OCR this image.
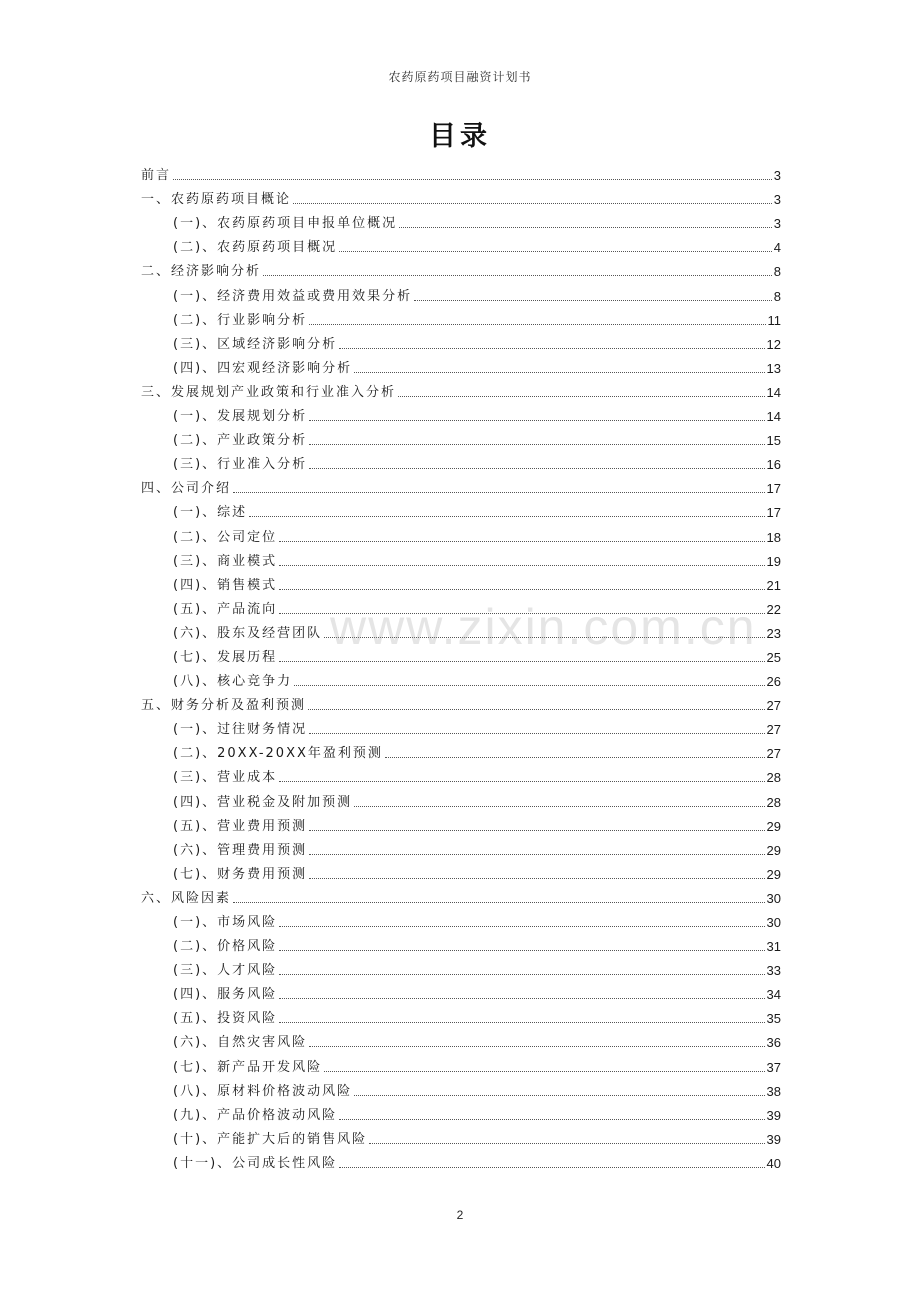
农药原药项目融资计划书
目录
前言	3
一、农药原药项目概论	3
(一)、农药原药项目申报单位概况	3
(二)、农药原药项目概况	4
二、经济影响分析	8
(一)、经济费用效益或费用效果分析	8
(二)、行业影响分析	11
(三)、区域经济影响分析	12
(四)、四宏观经济影响分析	13
三、发展规划产业政策和行业准入分析	14
(一)、发展规划分析	14
(二)、产业政策分析	15
(三)、行业准入分析	16
四、公司介绍	17
(一)、综述	17
(二)、公司定位	18
(三)、商业模式	19
(四)、销售模式	21
(五)、产品流向	22
(六)、股东及经营团队	23
(七)、发展历程	25
(八)、核心竞争力	26
五、财务分析及盈利预测	27
(一)、过往财务情况	27
(二)、20XX-20XX年盈利预测	27
(三)、营业成本	28
(四)、营业税金及附加预测	28
(五)、营业费用预测	29
(六)、管理费用预测	29
(七)、财务费用预测	29
六、风险因素	30
(一)、市场风险	30
(二)、价格风险	31
(三)、人才风险	33
(四)、服务风险	34
(五)、投资风险	35
(六)、自然灾害风险	36
(七)、新产品开发风险	37
(八)、原材料价格波动风险	38
(九)、产品价格波动风险	39
(十)、产能扩大后的销售风险	39
(十一)、公司成长性风险	40
www.zixin.com.cn
2
